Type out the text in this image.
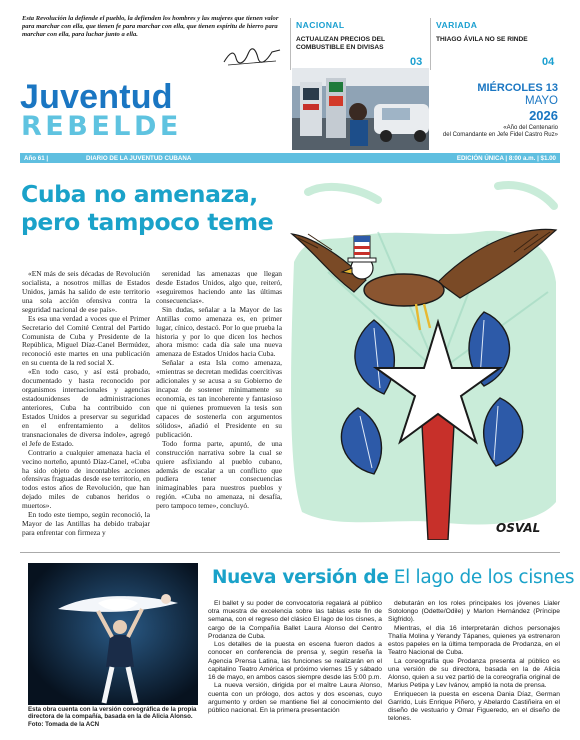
Esta Revolución la defiende el pueblo, la defienden los hombres y las mujeres que tienen valor para marchar con ella, que tienen fe para marchar con ella, que tienen espíritu de hierro para marchar con ella, para luchar junto a ella.
NACIONAL
ACTUALIZAN PRECIOS DEL COMBUSTIBLE EN DIVISAS
03
VARIADA
THIAGO ÁVILA NO SE RINDE
04
Juventud
REBELDE
MIÉRCOLES 13
MAYO
2026
«Año del Centenario
del Comandante en Jefe Fidel Castro Ruz»
Año 61 |	DIARIO DE LA JUVENTUD CUBANA	EDICIÓN ÚNICA | 8:00 a.m. | $1.00
Cuba no amenaza,
pero tampoco teme

«EN más de seis décadas de Revolución socialista, a nosotros millas de Estados Unidos, jamás ha salido de este territorio una sola acción ofensiva contra la seguridad nacional de ese país».

Es esa una verdad a voces que el Primer Secretario del Comité Central del Partido Comunista de Cuba y Presidente de la República, Miguel Díaz-Canel Bermúdez, reconoció este martes en una publicación en su cuenta de la red social X.

«En todo caso, y así está probado, documentado y hasta reconocido por organismos internacionales y agencias estadounidenses de administraciones anteriores, Cuba ha contribuido con Estados Unidos a preservar su seguridad en el enfrentamiento a delitos transnacionales de diversa índole», agregó el Jefe de Estado.

Contrario a cualquier amenaza hacia el vecino norteño, apuntó Díaz-Canel, «Cuba ha sido objeto de incontables acciones ofensivas fraguadas desde ese territorio, en todos estos años de Revolución, que han dejado miles de cubanos heridos o muertos».

En todo este tiempo, según reconoció, la Mayor de las Antillas ha debido trabajar para enfrentar con firmeza y

serenidad las amenazas que llegan desde Estados Unidos, algo que, reiteró, «seguiremos haciendo ante las últimas consecuencias».

Sin dudas, señalar a la Mayor de las Antillas como amenaza es, en primer lugar, cínico, destacó. Por lo que prueba la historia y por lo que dicen los hechos ahora mismo: cada día sale una nueva amenaza de Estados Unidos hacia Cuba.

Señalar a esta Isla como amenaza, «mientras se decretan medidas coercitivas adicionales y se acusa a su Gobierno de incapaz de sostener mínimamente su economía, es tan incoherente y fantasioso que ni quienes promueven la tesis son capaces de sostenerla con argumentos sólidos», añadió el Presidente en su publicación.

Todo forma parte, apuntó, de una construcción narrativa sobre la cual se quiere asfixiando al pueblo cubano, además de escalar a un conflicto que pudiera tener consecuencias inimaginables para nuestros pueblos y región. «Cuba no amenaza, ni desafía, pero tampoco teme», concluyó.

OSVAL
Esta obra cuenta con la versión coreográfica de la propia directora de la compañía, basada en la de Alicia Alonso. Foto: Tomada de la ACN
Nueva versión de El lago de los cisnes

El ballet y su poder de convocatoria regalará al público otra muestra de excelencia sobre las tablas este fin de semana, con el regreso del clásico El lago de los cisnes, a cargo de la Compañía Ballet Laura Alonso del Centro Prodanza de Cuba.

Los detalles de la puesta en escena fueron dados a conocer en conferencia de prensa y, según reseña la Agencia Prensa Latina, las funciones se realizarán en el capitalino Teatro América el próximo viernes 15 y sábado 16 de mayo, en ambos casos siempre desde las 5:00 p.m.

La nueva versión, dirigida por el maître Laura Alonso, cuenta con un prólogo, dos actos y dos escenas, cuyo argumento y orden se mantiene fiel al conocimiento del público nacional. En la primera presentación

debutarán en los roles principales los jóvenes Lialer Sotolongo (Odette/Odile) y Marlon Hernández (Príncipe Sigfrido).

Mientras, el día 16 interpretarán dichos personajes Thalía Molina y Yerandy Tápanes, quienes ya estrenaron estos papeles en la última temporada de Prodanza, en el Teatro Nacional de Cuba.

La coreografía que Prodanza presenta al público es una versión de su directora, basada en la de Alicia Alonso, quien a su vez partió de la coreografía original de Marius Petipa y Lev Ivánov, amplió la nota de prensa.

Enriquecen la puesta en escena Dania Díaz, German Garrido, Luis Enrique Piñero, y Abelardo Castiñeira en el diseño de vestuario y Omar Figueredo, en el diseño de telones.
